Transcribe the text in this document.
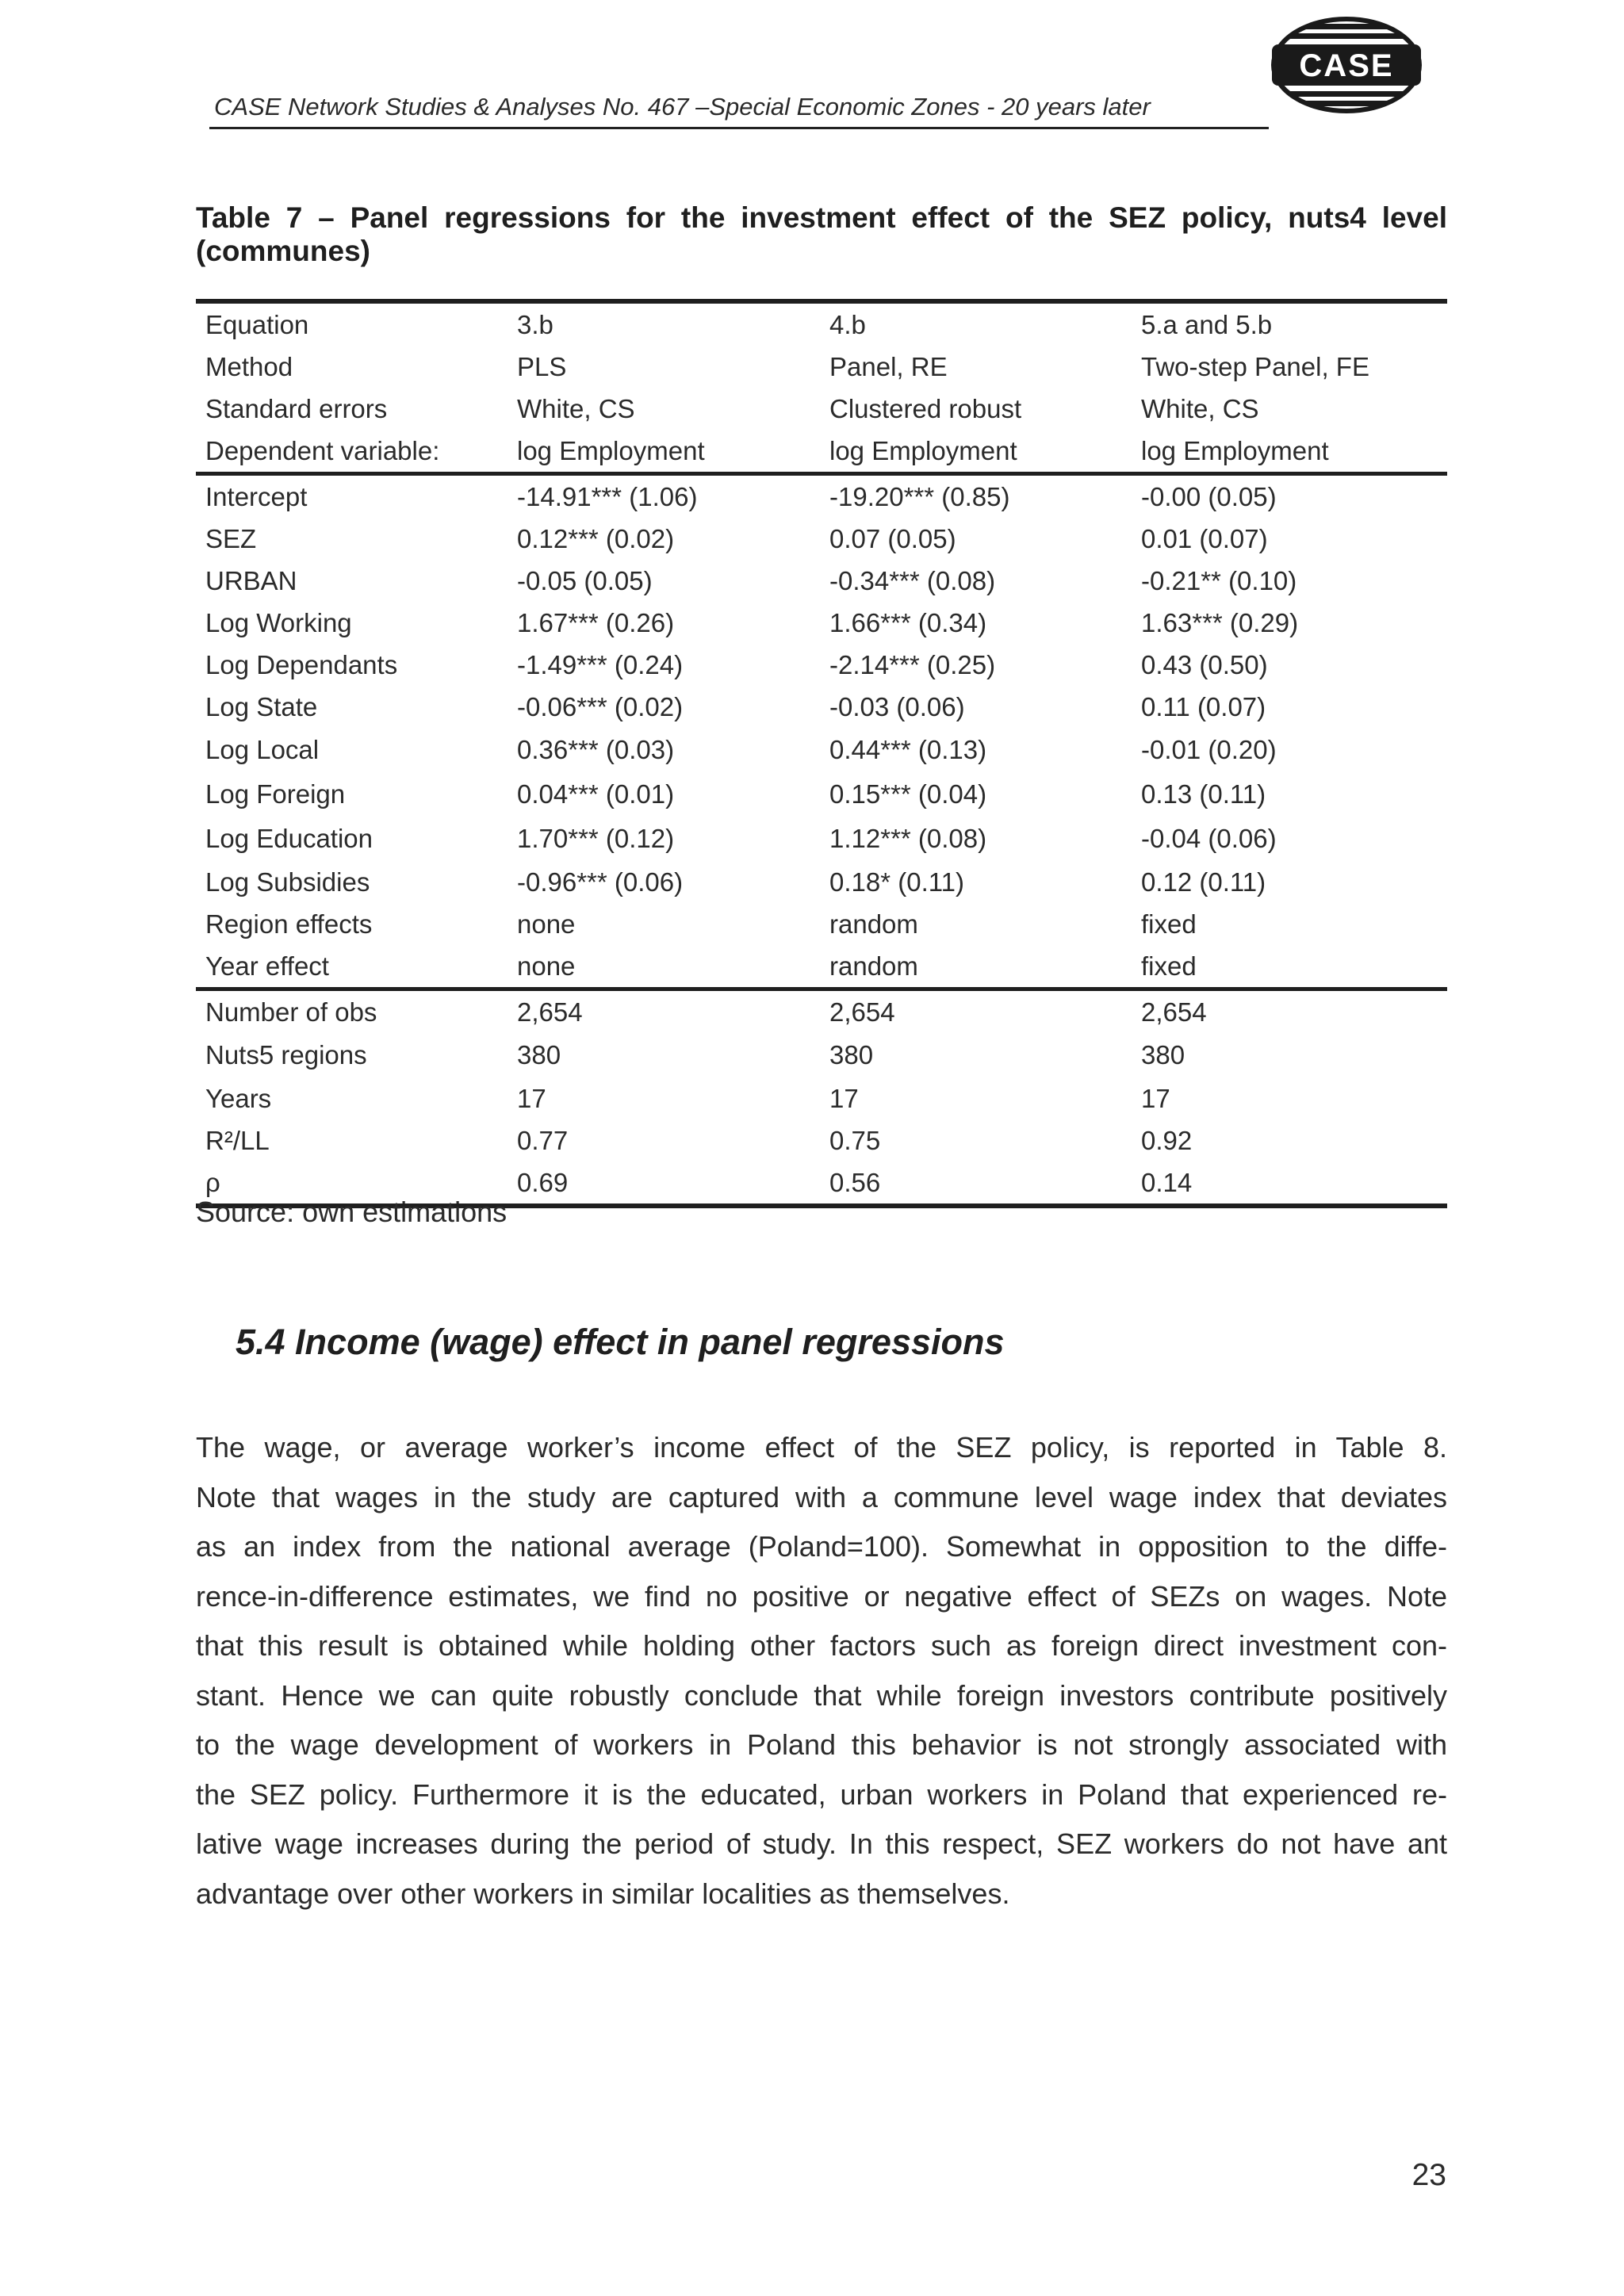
CASE Network Studies & Analyses No. 467 –Special Economic Zones - 20 years later
CASE
Table 7 – Panel regressions for the investment effect of the SEZ policy, nuts4 level (communes)
Equation	3.b	4.b	5.a and 5.b
Method	PLS	Panel, RE	Two-step Panel, FE
Standard errors	White, CS	Clustered robust	White, CS
Dependent variable:	log Employment	log Employment	log Employment
Intercept	-14.91*** (1.06)	-19.20*** (0.85)	-0.00 (0.05)
SEZ	0.12*** (0.02)	0.07 (0.05)	0.01 (0.07)
URBAN	-0.05 (0.05)	-0.34*** (0.08)	-0.21** (0.10)
Log Working	1.67*** (0.26)	1.66*** (0.34)	1.63*** (0.29)
Log Dependants	-1.49*** (0.24)	-2.14*** (0.25)	0.43 (0.50)
Log State	-0.06*** (0.02)	-0.03 (0.06)	0.11 (0.07)
Log Local	0.36*** (0.03)	0.44*** (0.13)	-0.01 (0.20)
Log Foreign	0.04*** (0.01)	0.15*** (0.04)	0.13 (0.11)
Log Education	1.70*** (0.12)	1.12*** (0.08)	-0.04 (0.06)
Log Subsidies	-0.96*** (0.06)	0.18* (0.11)	0.12 (0.11)
Region effects	none	random	fixed
Year effect	none	random	fixed
Number of obs	2,654	2,654	2,654
Nuts5 regions	380	380	380
Years	17	17	17
R²/LL	0.77	0.75	0.92
ρ	0.69	0.56	0.14
Source: own estimations
5.4 Income (wage) effect in panel regressions
The wage, or average worker’s income effect of the SEZ policy, is reported in Table 8.
Note that wages in the study are captured with a commune level wage index that deviates
as an index from the national average (Poland=100). Somewhat in opposition to the diffe-
rence-in-difference estimates, we find no positive or negative effect of SEZs on wages. Note
that this result is obtained while holding other factors such as foreign direct investment con-
stant. Hence we can quite robustly conclude that while foreign investors contribute positively
to the wage development of workers in Poland this behavior is not strongly associated with
the SEZ policy. Furthermore it is the educated, urban workers in Poland that experienced re-
lative wage increases during the period of study. In this respect, SEZ workers do not have ant
advantage over other workers in similar localities as themselves.
23
